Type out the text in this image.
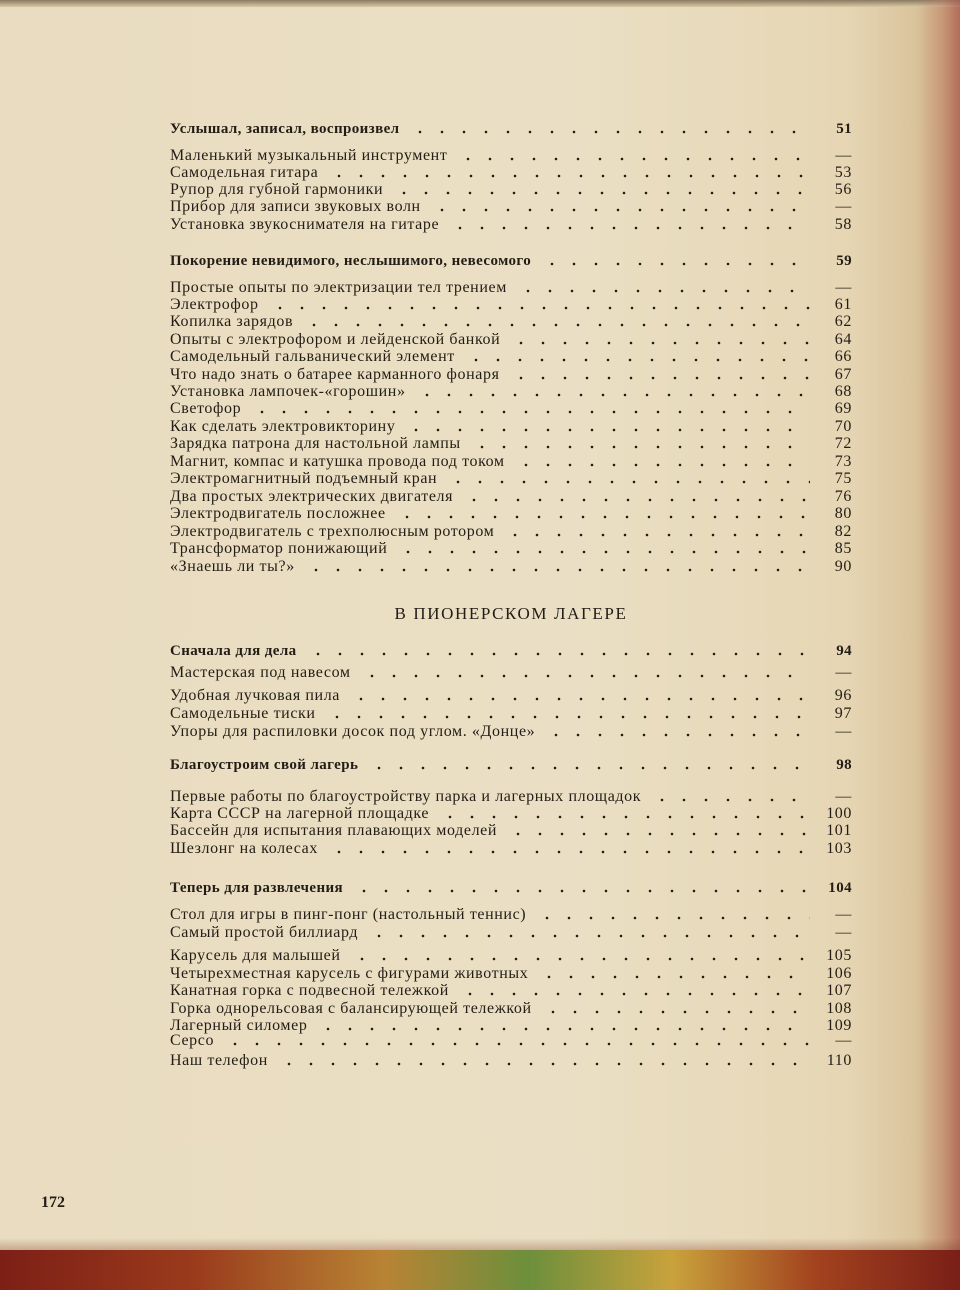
Услышал, записал, воспроизвел	51
Маленький музыкальный инструмент	—
Самодельная гитара	53
Рупор для губной гармоники	56
Прибор для записи звуковых волн	—
Установка звукоснимателя на гитаре	58
Покорение невидимого, неслышимого, невесомого	59
Простые опыты по электризации тел трением	—
Электрофор	61
Копилка зарядов	62
Опыты с электрофором и лейденской банкой	64
Самодельный гальванический элемент	66
Что надо знать о батарее карманного фонаря	67
Установка лампочек-«горошин»	68
Светофор	69
Как сделать электровикторину	70
Зарядка патрона для настольной лампы	72
Магнит, компас и катушка провода под током	73
Электромагнитный подъемный кран	75
Два простых электрических двигателя	76
Электродвигатель посложнее	80
Электродвигатель с трехполюсным ротором	82
Трансформатор понижающий	85
«Знаешь ли ты?»	90
В ПИОНЕРСКОМ ЛАГЕРЕ
Сначала для дела	94
Мастерская под навесом	—
Удобная лучковая пила	96
Самодельные тиски	97
Упоры для распиловки досок под углом. «Донце»	—
Благоустроим свой лагерь	98
Первые работы по благоустройству парка и лагерных площадок	—
Карта СССР на лагерной площадке	100
Бассейн для испытания плавающих моделей	101
Шезлонг на колесах	103
Теперь для развлечения	104
Стол для игры в пинг-понг (настольный теннис)	—
Самый простой биллиард	—
Карусель для малышей	105
Четырехместная карусель с фигурами животных	106
Канатная горка с подвесной тележкой	107
Горка однорельсовая с балансирующей тележкой	108
Лагерный силомер	109
Серсо	—
Наш телефон	110
172
